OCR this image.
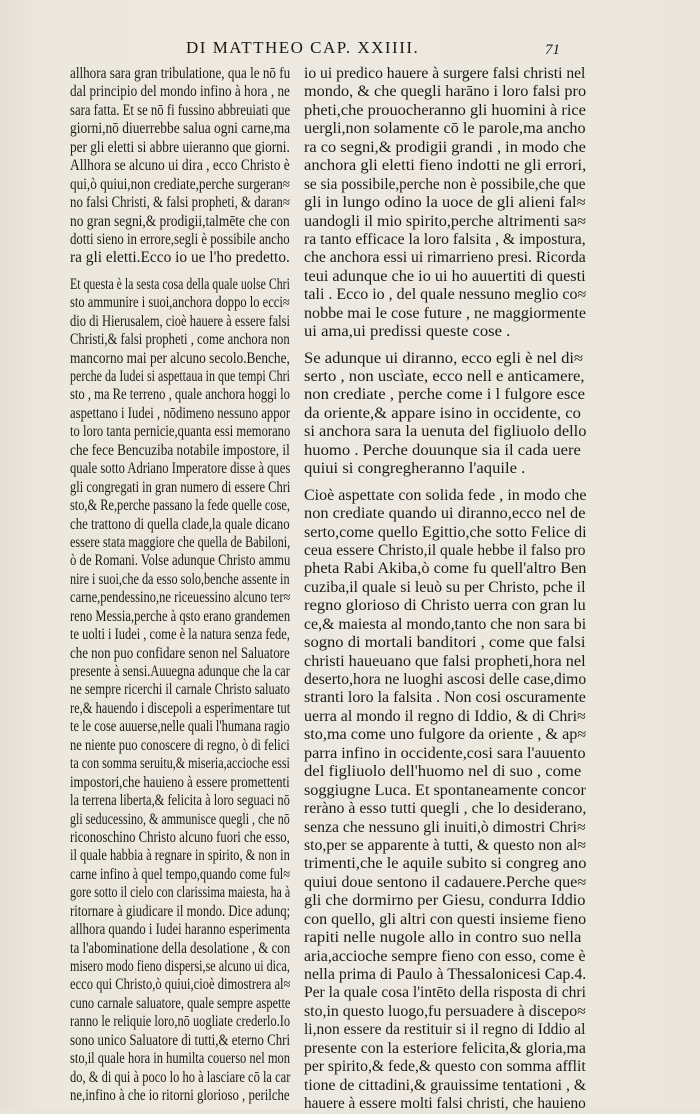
DI MATTHEO CAP. XXIIII.	71
allhora sara gran tribulatione, qua le nō fu
dal principio del mondo infino à hora , ne
sara fatta. Et se nō fi fussino abbreuiati que
giorni,nō diuerrebbe salua ogni carne,ma
per gli eletti si abbre uieranno que giorni.
Allhora se alcuno ui dira , ecco Christo è
qui,ò quiui,non crediate,perche surgeran≈
no falsi Christi, & falsi propheti, & daran≈
no gran segni,& prodigii,talmēte che con
dotti sieno in errore,segli è possibile ancho
ra gli eletti.Ecco io ue l'ho predetto.
Et questa è la sesta cosa della quale uolse Chri
sto ammunire i suoi,anchora doppo lo ecci≈
dio di Hierusalem, cioè hauere à essere falsi
Christi,& falsi propheti , come anchora non
mancorno mai per alcuno secolo.Benche,
perche da Iudei si aspettaua in que tempi Chri
sto , ma Re terreno , quale anchora hoggi lo
aspettano i Iudei , nōdimeno nessuno appor
to loro tanta pernicie,quanta essi memorano
che fece Bencuziba notabile impostore, il
quale sotto Adriano Imperatore disse à ques
gli congregati in gran numero di essere Chri
sto,& Re,perche passano la fede quelle cose,
che trattono di quella clade,la quale dicano
essere stata maggiore che quella de Babiloni,
ò de Romani. Volse adunque Christo ammu
nire i suoi,che da esso solo,benche assente in
carne,pendessino,ne riceuessino alcuno ter≈
reno Messia,perche à qsto erano grandemen
te uolti i Iudei , come è la natura senza fede,
che non puo confidare senon nel Saluatore
presente à sensi.Auuegna adunque che la car
ne sempre ricerchi il carnale Christo saluato
re,& hauendo i discepoli a esperimentare tut
te le cose auuerse,nelle quali l'humana ragio
ne niente puo conoscere di regno, ò di felici
ta con somma seruitu,& miseria,accioche essi
impostori,che hauieno à essere promettenti
la terrena liberta,& felicita à loro seguaci nō
gli seducessino, & ammunisce quegli , che nō
riconoschino Christo alcuno fuori che esso,
il quale habbia à regnare in spirito, & non in
carne infino à quel tempo,quando come ful≈
gore sotto il cielo con clarissima maiesta, ha à
ritornare à giudicare il mondo. Dice adunq;
allhora quando i Iudei haranno esperimenta
ta l'abominatione della desolatione , & con
misero modo fieno dispersi,se alcuno ui dica,
ecco qui Christo,ò quiui,cioè dimostrera al≈
cuno carnale saluatore, quale sempre aspette
ranno le reliquie loro,nō uogliate crederlo.Io
sono unico Saluatore di tutti,& eterno Chri
sto,il quale hora in humilta couerso nel mon
do, & di qui à poco lo ho à lasciare cō la car
ne,infino à che io ritorni glorioso , perilche
io ui predico hauere à surgere falsi christi nel
mondo, & che quegli harāno i loro falsi pro
pheti,che prouocheranno gli huomini à rice
uergli,non solamente cō le parole,ma ancho
ra co segni,& prodigii grandi , in modo che
anchora gli eletti fieno indotti ne gli errori,
se sia possibile,perche non è possibile,che que
gli in lungo odino la uoce de gli alieni fal≈
uandogli il mio spirito,perche altrimenti sa≈
ra tanto efficace la loro falsita , & impostura,
che anchora essi ui rimarrieno presi. Ricorda
teui adunque che io ui ho auuertiti di questi
tali . Ecco io , del quale nessuno meglio co≈
nobbe mai le cose future , ne maggiormente
ui ama,ui predissi queste cose .
Se adunque ui diranno, ecco egli è nel di≈
serto , non uscìate, ecco nell e anticamere,
non crediate , perche come i l fulgore esce
da oriente,& appare isino in occidente, co
si anchora sara la uenuta del figliuolo dello
huomo . Perche douunque sia il cada uere
quiui si congregheranno l'aquile .
Cioè aspettate con solida fede , in modo che
non crediate quando ui diranno,ecco nel de
serto,come quello Egittio,che sotto Felice di
ceua essere Christo,il quale hebbe il falso pro
pheta Rabi Akiba,ò come fu quell'altro Ben
cuziba,il quale si leuò su per Christo, pche il
regno glorioso di Christo uerra con gran lu
ce,& maiesta al mondo,tanto che non sara bi
sogno di mortali banditori , come que falsi
christi haueuano que falsi propheti,hora nel
deserto,hora ne luoghi ascosi delle case,dimo
stranti loro la falsita . Non cosi oscuramente
uerra al mondo il regno di Iddio, & di Chri≈
sto,ma come uno fulgore da oriente , & ap≈
parra infino in occidente,cosi sara l'auuento
del figliuolo dell'huomo nel di suo , come
soggiugne Luca. Et spontaneamente concor
reràno à esso tutti quegli , che lo desiderano,
senza che nessuno gli inuiti,ò dimostri Chri≈
sto,per se apparente à tutti, & questo non al≈
trimenti,che le aquile subito si congreg ano
quiui doue sentono il cadauere.Perche que≈
gli che dormirno per Giesu, condurra Iddio
con quello, gli altri con questi insieme fieno
rapiti nelle nugole allo in contro suo nella
aria,accioche sempre fieno con esso, come è
nella prima di Paulo à Thessalonicesi Cap.4.
Per la quale cosa l'intēto della risposta di chri
sto,in questo luogo,fu persuadere à discepo≈
li,non essere da restituir si il regno di Iddio al
presente con la esteriore felicita,& gloria,ma
per spirito,& fede,& questo con somma afflit
tione de cittadini,& grauissime tentationi , &
hauere à essere molti falsi christi, che hauieno
